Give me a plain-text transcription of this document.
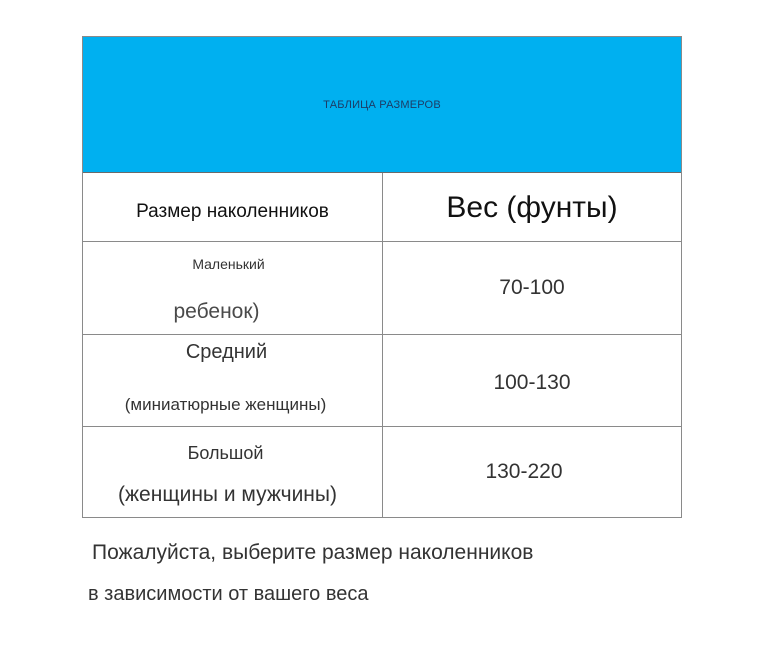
ТАБЛИЦА РАЗМЕРОВ
Размер наколенников	Вес (фунты)
Маленький
ребенок)
70-100
Средний
(миниатюрные женщины)
100-130
Большой
(женщины и мужчины)
130-220
Пожалуйста, выберите размер наколенников
в зависимости от вашего веса
